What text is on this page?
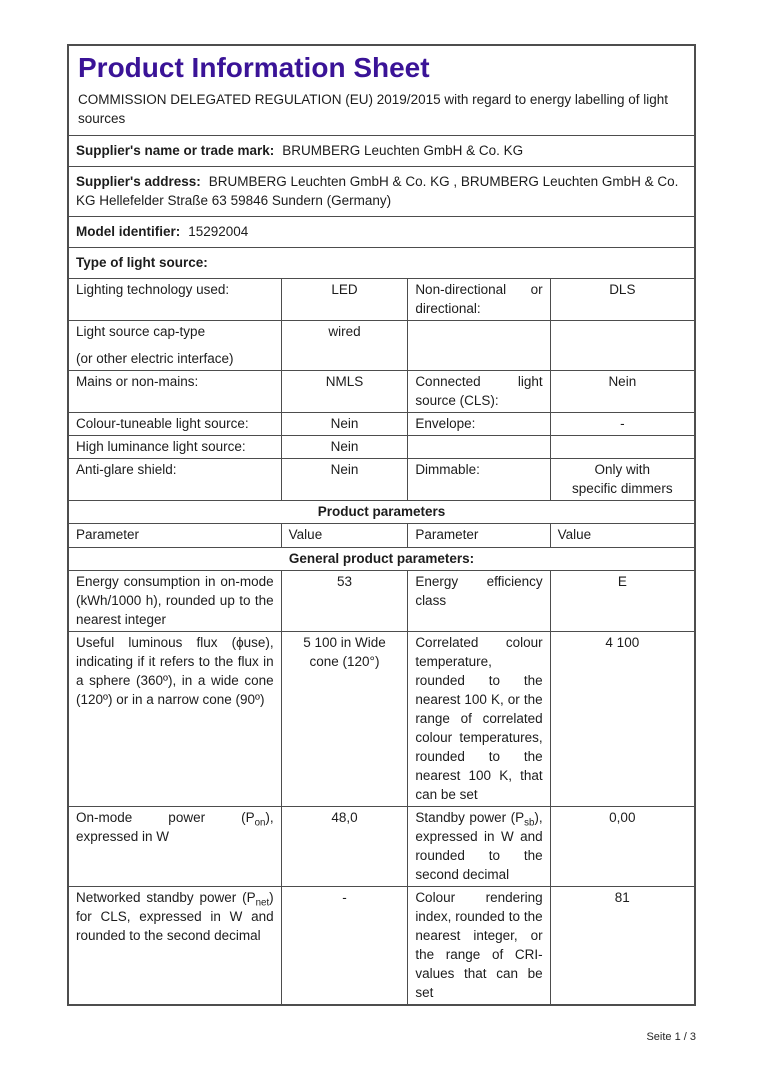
Product Information Sheet

COMMISSION DELEGATED REGULATION (EU) 2019/2015 with regard to energy labelling of light sources

Supplier's name or trade mark: BRUMBERG Leuchten GmbH & Co. KG			
Supplier's address: BRUMBERG Leuchten GmbH & Co. KG , BRUMBERG Leuchten GmbH & Co. KG Hellefelder Straße 63 59846 Sundern (Germany)			
Model identifier: 15292004			
Type of light source:			

Lighting technology used:	LED	Non-directional or directional:	DLS

Light source cap-type
(or other electric interface)	wired		

Mains or non-mains:	NMLS	Connected light source (CLS):	Nein

Colour-tuneable light source:	Nein	Envelope:	-

High luminance light source:	Nein		

Anti-glare shield:	Nein	Dimmable:	Only with
specific dimmers

Product parameters			
Parameter	Value	Parameter	Value
General product parameters:			

Energy consumption in on-mode (kWh/1000 h), rounded up to the nearest integer	53	Energy efficiency class	E

Useful luminous flux (ϕuse), indicating if it refers to the flux in a sphere (360º), in a wide cone (120º) or in a narrow cone (90º)	5 100 in Wide cone (120°)	Correlated colour temperature, rounded to the nearest 100 K, or the range of correlated colour temperatures, rounded to the nearest 100 K, that can be set	4 100

On-mode power $(P_{on})$, expressed in W	48,0	Standby power $(P_{sb})$, expressed in W and rounded to the second decimal	0,00

Networked standby power $(P_{net})$ for CLS, expressed in W and rounded to the second decimal	-	Colour rendering index, rounded to the nearest integer, or the range of CRI-values that can be set	81
Seite 1 / 3
